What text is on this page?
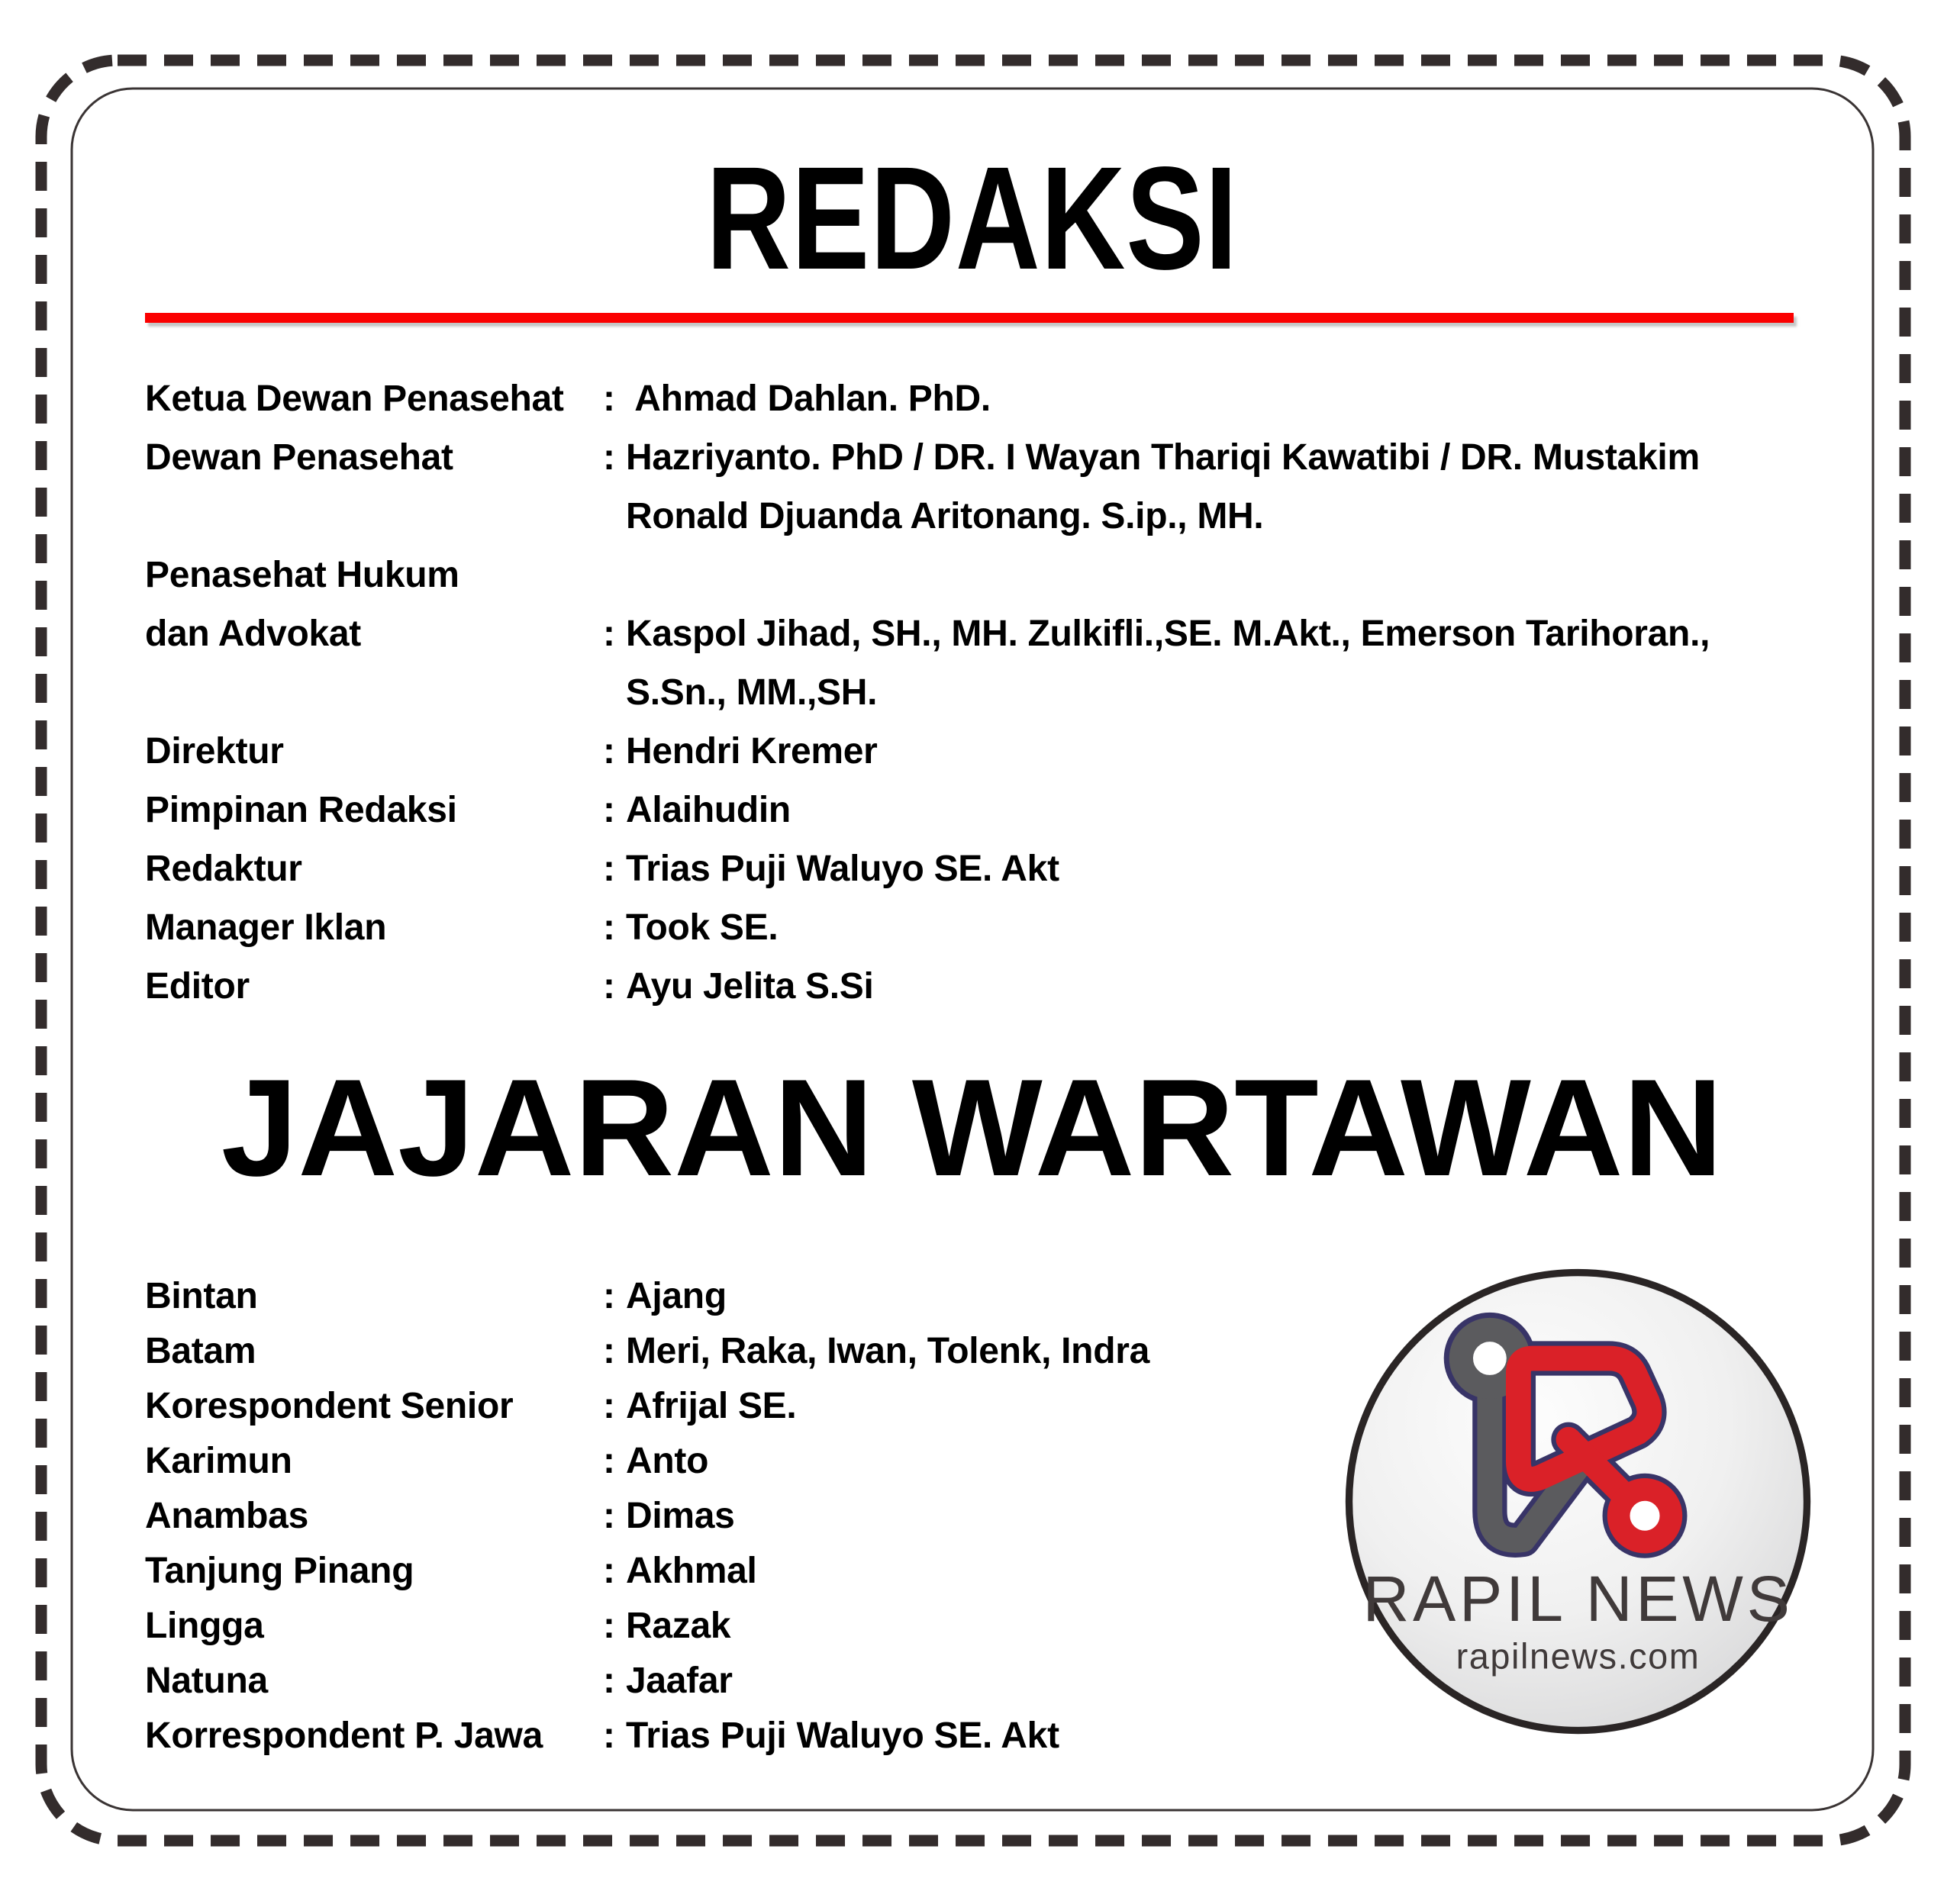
REDAKSI
Ketua Dewan Penasehat	: Ahmad Dahlan. PhD.
Dewan Penasehat	: Hazriyanto. PhD / DR. I Wayan Thariqi Kawatibi / DR. Mustakim
Ronald Djuanda Aritonang. S.ip., MH.
Penasehat Hukum
dan Advokat	: Kaspol Jihad, SH., MH. Zulkifli.,SE. M.Akt., Emerson Tarihoran.,
S.Sn., MM.,SH.
Direktur	: Hendri Kremer
Pimpinan Redaksi	: Alaihudin
Redaktur	: Trias Puji Waluyo SE. Akt
Manager Iklan	: Took SE.
Editor	: Ayu Jelita S.Si
JAJARAN WARTAWAN
Bintan	: Ajang
Batam	: Meri, Raka, Iwan, Tolenk, Indra
Korespondent Senior	: Afrijal SE.
Karimun	: Anto
Anambas	: Dimas
Tanjung Pinang	: Akhmal
Lingga	: Razak
Natuna	: Jaafar
Korrespondent P. Jawa	: Trias Puji Waluyo SE. Akt
RAPIL NEWS
rapilnews.com
